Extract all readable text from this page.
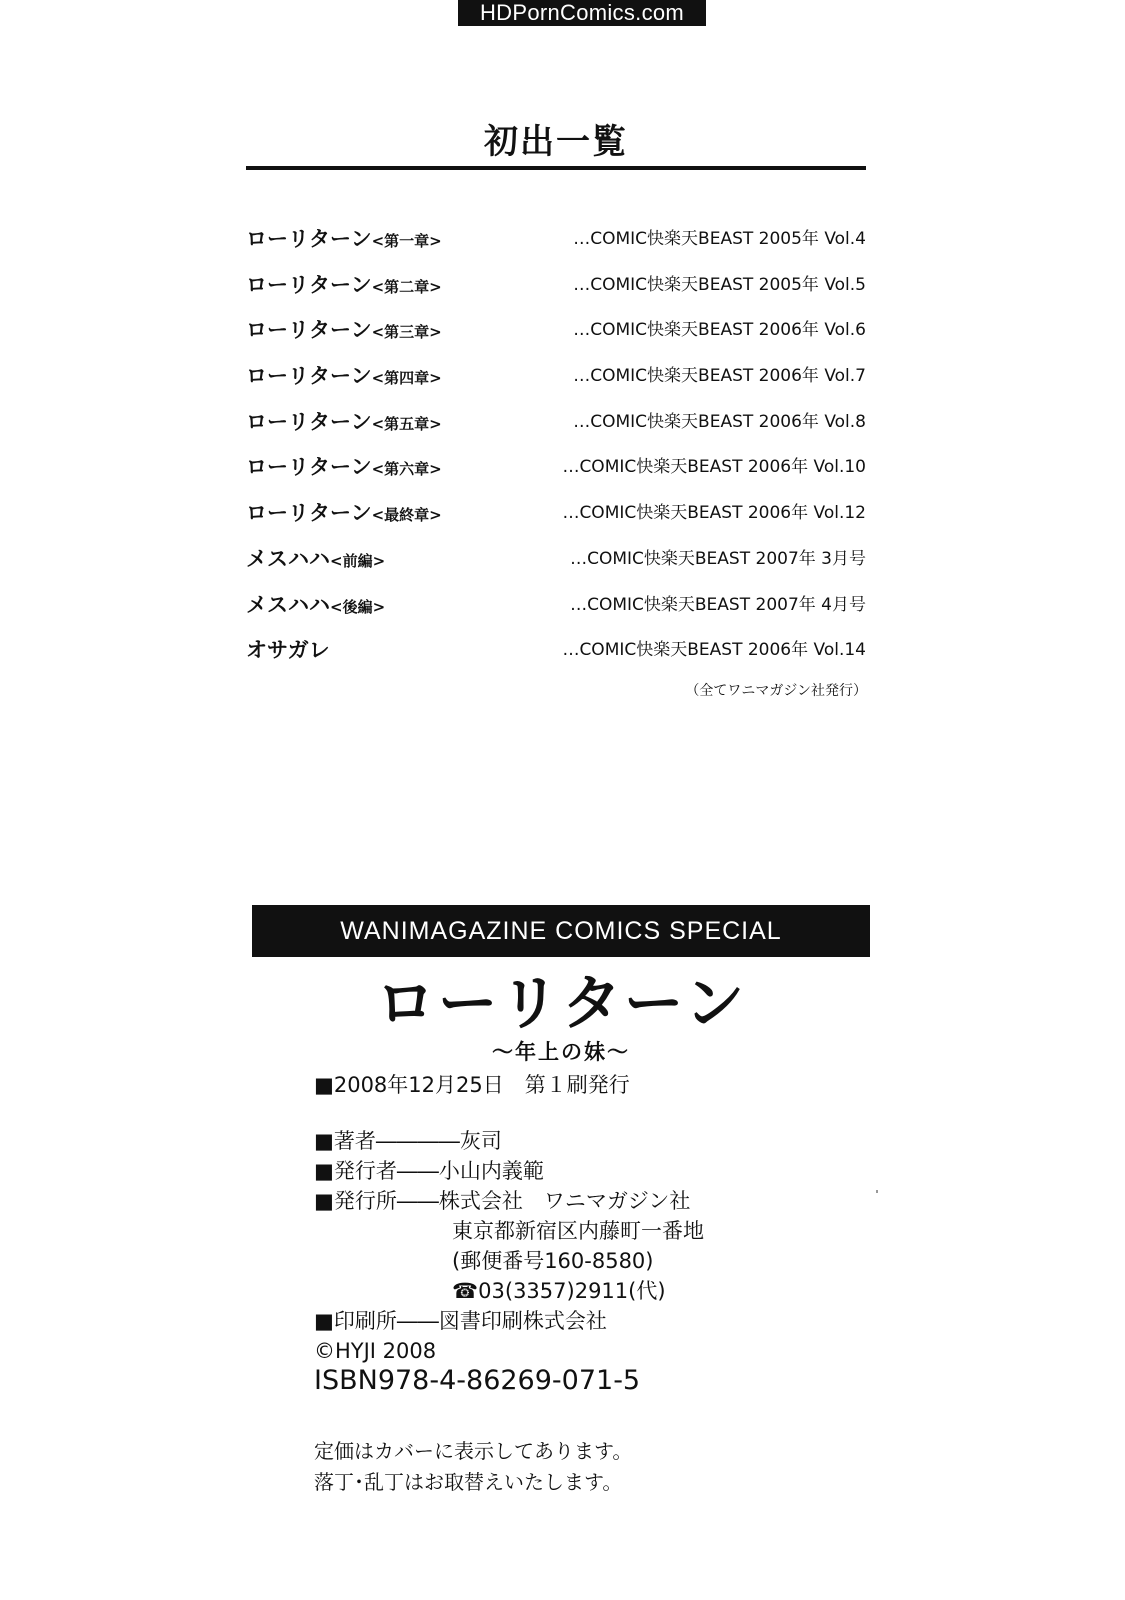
HDPornComics.com
初出一覧
ローリターン<第一章>	…COMIC快楽天BEAST 2005年 Vol.4
ローリターン<第二章>	…COMIC快楽天BEAST 2005年 Vol.5
ローリターン<第三章>	…COMIC快楽天BEAST 2006年 Vol.6
ローリターン<第四章>	…COMIC快楽天BEAST 2006年 Vol.7
ローリターン<第五章>	…COMIC快楽天BEAST 2006年 Vol.8
ローリターン<第六章>	…COMIC快楽天BEAST 2006年 Vol.10
ローリターン<最終章>	…COMIC快楽天BEAST 2006年 Vol.12
メスハハ<前編>	…COMIC快楽天BEAST 2007年 3月号
メスハハ<後編>	…COMIC快楽天BEAST 2007年 4月号
オサガレ	…COMIC快楽天BEAST 2006年 Vol.14
（全てワニマガジン社発行）
WANIMAGAZINE COMICS SPECIAL
ローリターン
〜年上の妹〜
■2008年12月25日　第１刷発行
■著者――――灰司
■発行者――小山内義範
■発行所――株式会社　ワニマガジン社
東京都新宿区内藤町一番地
(郵便番号160-8580)
☎03(3357)2911(代)
■印刷所――図書印刷株式会社
©HYJI 2008
ISBN978-4-86269-071-5
定価はカバーに表示してあります。
落丁･乱丁はお取替えいたします。
